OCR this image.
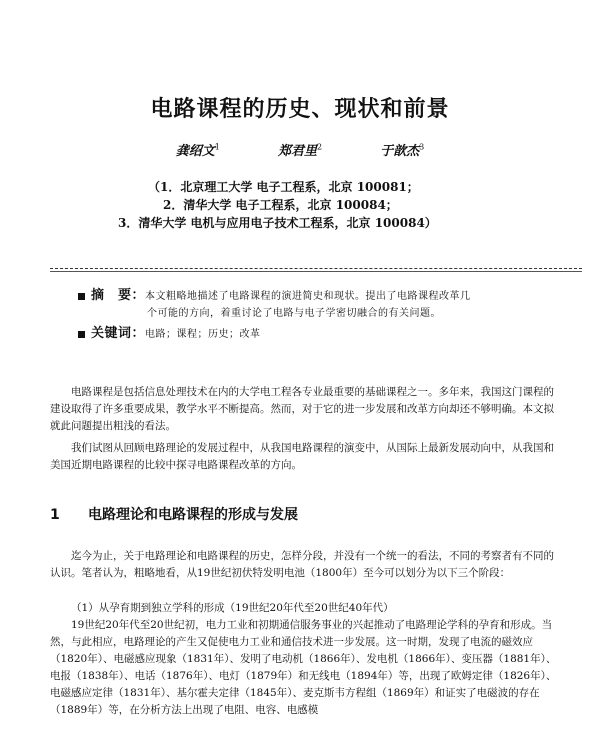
电路课程的历史、现状和前景
龚绍文$^1$	郑君里$^2$	于歆杰$^3$
（1．北京理工大学 电子工程系，北京 100081；
2．清华大学 电子工程系，北京 100084；
3．清华大学 电机与应用电子技术工程系，北京 100084）
摘　要：本文粗略地描述了电路课程的演进简史和现状。提出了电路课程改革几
个可能的方向，着重讨论了电路与电子学密切融合的有关问题。
关键词：电路；课程；历史；改革
电路课程是包括信息处理技术在内的大学电工程各专业最重要的基础课程之一。多年来，我国这门课程的建设取得了许多重要成果，教学水平不断提高。然而，对于它的进一步发展和改革方向却还不够明确。本文拟就此问题提出粗浅的看法。
我们试图从回顾电路理论的发展过程中，从我国电路课程的演变中，从国际上最新发展动向中，从我国和美国近期电路课程的比较中探寻电路课程改革的方向。
1 电路理论和电路课程的形成与发展
迄今为止，关于电路理论和电路课程的历史，怎样分段，并没有一个统一的看法，不同的考察者有不同的认识。笔者认为，粗略地看，从19世纪初伏特发明电池（1800年）至今可以划分为以下三个阶段：
（1）从孕育期到独立学科的形成（19世纪20年代至20世纪40年代）
19世纪20年代至20世纪初，电力工业和初期通信服务事业的兴起推动了电路理论学科的孕育和形成。当然，与此相应，电路理论的产生又促使电力工业和通信技术进一步发展。这一时期，发现了电流的磁效应（1820年）、电磁感应现象（1831年）、发明了电动机（1866年）、发电机（1866年）、变压器（1881年）、电报（1838年）、电话（1876年）、电灯（1879年）和无线电（1894年）等，出现了欧姆定律（1826年）、电磁感应定律（1831年）、基尔霍夫定律（1845年）、麦克斯韦方程组（1869年）和证实了电磁波的存在（1889年）等，在分析方法上出现了电阻、电容、电感模
